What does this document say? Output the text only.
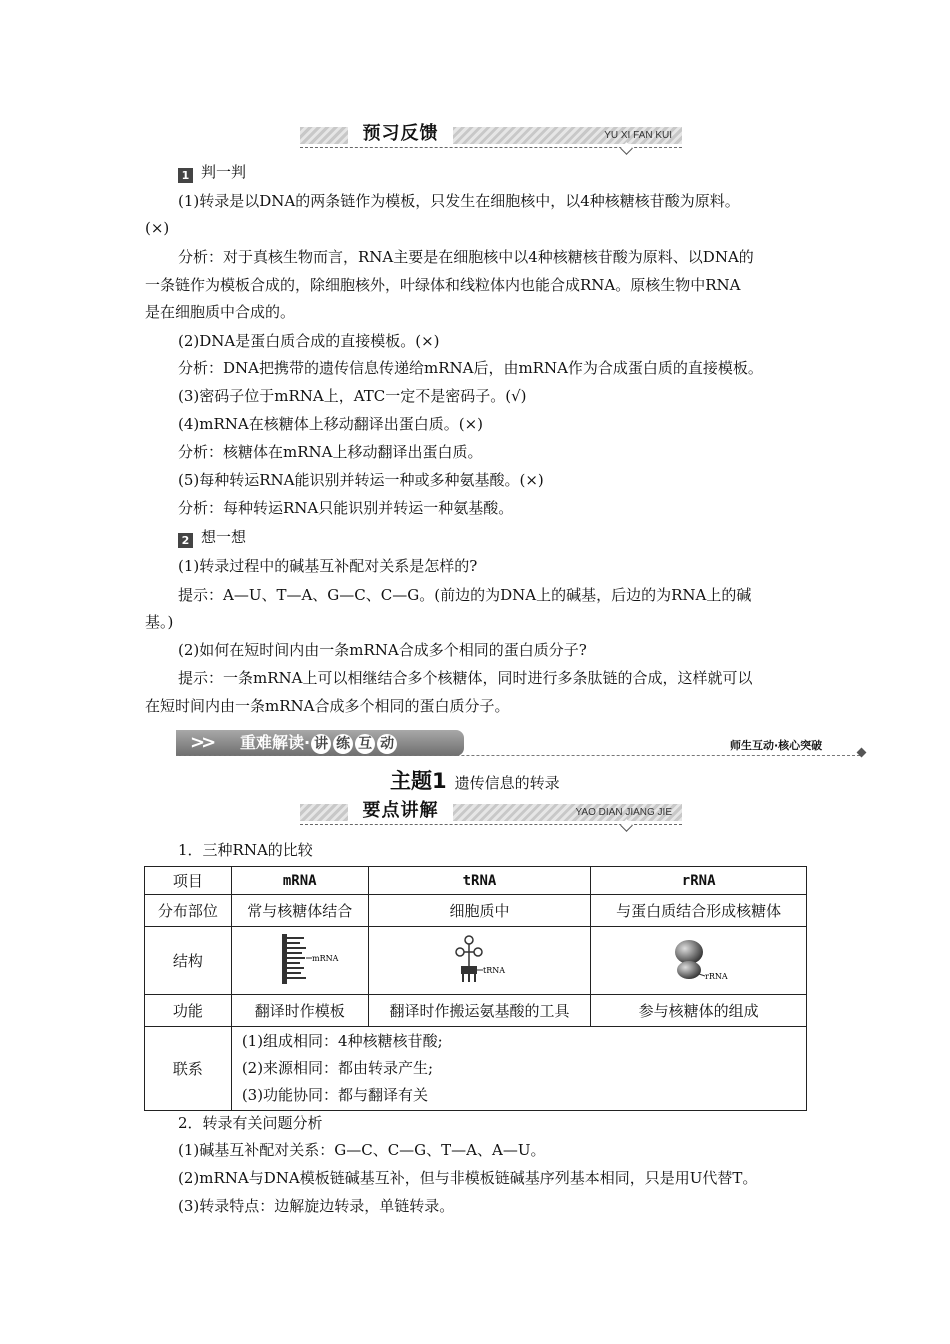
预习反馈	YU XI FAN KUI
1 判一判
(1)转录是以DNA的两条链作为模板，只发生在细胞核中，以4种核糖核苷酸为原料。
(×)
分析：对于真核生物而言，RNA主要是在细胞核中以4种核糖核苷酸为原料、以DNA的
一条链作为模板合成的，除细胞核外，叶绿体和线粒体内也能合成RNA。原核生物中RNA
是在细胞质中合成的。
(2)DNA是蛋白质合成的直接模板。(×)
分析：DNA把携带的遗传信息传递给mRNA后，由mRNA作为合成蛋白质的直接模板。
(3)密码子位于mRNA上，ATC一定不是密码子。(√)
(4)mRNA在核糖体上移动翻译出蛋白质。(×)
分析：核糖体在mRNA上移动翻译出蛋白质。
(5)每种转运RNA能识别并转运一种或多种氨基酸。(×)
分析：每种转运RNA只能识别并转运一种氨基酸。
2 想一想
(1)转录过程中的碱基互补配对关系是怎样的?
提示：A—U、T—A、G—C、C—G。(前边的为DNA上的碱基，后边的为RNA上的碱
基。)
(2)如何在短时间内由一条mRNA合成多个相同的蛋白质分子?
提示：一条mRNA上可以相继结合多个核糖体，同时进行多条肽链的合成，这样就可以
在短时间内由一条mRNA合成多个相同的蛋白质分子。
>> 重难解读· 讲 练 互 动	师生互动·核心突破
主题1 遗传信息的转录
要点讲解	YAO DIAN JIANG JIE
1．三种RNA的比较
项目	mRNA	tRNA	rRNA
分布部位	常与核糖体结合	细胞质中	与蛋白质结合形成核糖体
结构	mRNA	tRNA	rRNA

功能	翻译时作模板	翻译时作搬运氨基酸的工具	参与核糖体的组成
联系	(1)组成相同：4种核糖核苷酸;
(2)来源相同：都由转录产生;
(3)功能协同：都与翻译有关		
2．转录有关问题分析
(1)碱基互补配对关系：G—C、C—G、T—A、A—U。
(2)mRNA与DNA模板链碱基互补，但与非模板链碱基序列基本相同，只是用U代替T。
(3)转录特点：边解旋边转录，单链转录。
